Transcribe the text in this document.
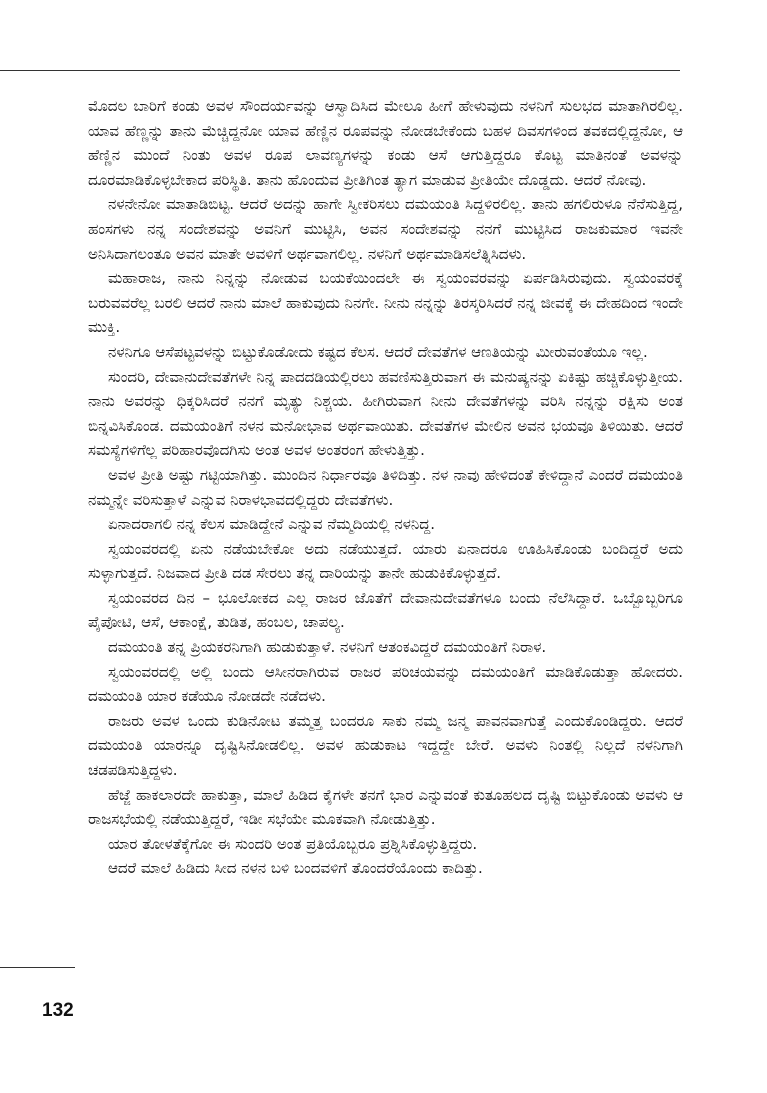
ಮೊದಲ ಬಾರಿಗೆ ಕಂಡು ಅವಳ ಸೌಂದರ್ಯವನ್ನು ಆಸ್ವಾದಿಸಿದ ಮೇಲೂ ಹೀಗೆ ಹೇಳುವುದು ನಳನಿಗೆ ಸುಲಭದ ಮಾತಾಗಿರಲಿಲ್ಲ. ಯಾವ ಹೆಣ್ಣನ್ನು ತಾನು ಮೆಚ್ಚಿದ್ದನೋ ಯಾವ ಹೆಣ್ಣಿನ ರೂಪವನ್ನು ನೋಡಬೇಕೆಂದು ಬಹಳ ದಿವಸಗಳಿಂದ ತವಕದಲ್ಲಿದ್ದನೋ, ಆ ಹೆಣ್ಣಿನ ಮುಂದೆ ನಿಂತು ಅವಳ ರೂಪ ಲಾವಣ್ಯಗಳನ್ನು ಕಂಡು ಆಸೆ ಆಗುತ್ತಿದ್ದರೂ ಕೊಟ್ಟ ಮಾತಿನಂತೆ ಅವಳನ್ನು ದೂರಮಾಡಿಕೊಳ್ಳಬೇಕಾದ ಪರಿಸ್ಥಿತಿ. ತಾನು ಹೊಂದುವ ಪ್ರೀತಿಗಿಂತ ತ್ಯಾಗ ಮಾಡುವ ಪ್ರೀತಿಯೇ ದೊಡ್ಡದು. ಆದರೆ ನೋವು.

ನಳನೇನೋ ಮಾತಾಡಿಬಿಟ್ಟ. ಆದರೆ ಅದನ್ನು ಹಾಗೇ ಸ್ವೀಕರಿಸಲು ದಮಯಂತಿ ಸಿದ್ದಳಿರಲಿಲ್ಲ. ತಾನು ಹಗಲಿರುಳೂ ನೆನೆಸುತ್ತಿದ್ದ, ಹಂಸಗಳು ನನ್ನ ಸಂದೇಶವನ್ನು ಅವನಿಗೆ ಮುಟ್ಟಿಸಿ, ಅವನ ಸಂದೇಶವನ್ನು ನನಗೆ ಮುಟ್ಟಿಸಿದ ರಾಜಕುಮಾರ ಇವನೇ ಅನಿಸಿದಾಗಲಂತೂ ಅವನ ಮಾತೇ ಅವಳಿಗೆ ಅರ್ಥವಾಗಲಿಲ್ಲ. ನಳನಿಗೆ ಅರ್ಥಮಾಡಿಸಲೆತ್ನಿಸಿದಳು.

ಮಹಾರಾಜ, ನಾನು ನಿನ್ನನ್ನು ನೋಡುವ ಬಯಕೆಯಿಂದಲೇ ಈ ಸ್ವಯಂವರವನ್ನು ಏರ್ಪಡಿಸಿರುವುದು. ಸ್ವಯಂವರಕ್ಕೆ ಬರುವವರೆಲ್ಲ ಬರಲಿ ಆದರೆ ನಾನು ಮಾಲೆ ಹಾಕುವುದು ನಿನಗೇ. ನೀನು ನನ್ನನ್ನು ತಿರಸ್ಕರಿಸಿದರೆ ನನ್ನ ಜೀವಕ್ಕೆ ಈ ದೇಹದಿಂದ ಇಂದೇ ಮುಕ್ತಿ.

ನಳನಿಗೂ ಆಸೆಪಟ್ಟವಳನ್ನು ಬಿಟ್ಟುಕೊಡೋದು ಕಷ್ಟದ ಕೆಲಸ. ಆದರೆ ದೇವತೆಗಳ ಆಣತಿಯನ್ನು ಮೀರುವಂತೆಯೂ ಇಲ್ಲ.

ಸುಂದರಿ, ದೇವಾನುದೇವತೆಗಳೇ ನಿನ್ನ ಪಾದದಡಿಯಲ್ಲಿರಲು ಹವಣಿಸುತ್ತಿರುವಾಗ ಈ ಮನುಷ್ಯನನ್ನು ಏಕಿಷ್ಟು ಹಚ್ಚಿಕೊಳ್ಳುತ್ತೀಯ. ನಾನು ಅವರನ್ನು ಧಿಕ್ಕರಿಸಿದರೆ ನನಗೆ ಮೃತ್ಯು ನಿಶ್ಚಯ. ಹೀಗಿರುವಾಗ ನೀನು ದೇವತೆಗಳನ್ನು ವರಿಸಿ ನನ್ನನ್ನು ರಕ್ಷಿಸು ಅಂತ ಬಿನ್ನವಿಸಿಕೊಂಡ. ದಮಯಂತಿಗೆ ನಳನ ಮನೋಭಾವ ಅರ್ಥವಾಯಿತು. ದೇವತೆಗಳ ಮೇಲಿನ ಅವನ ಭಯವೂ ತಿಳಿಯಿತು. ಆದರೆ ಸಮಸ್ಯೆಗಳಿಗೆಲ್ಲ ಪರಿಹಾರವೊದಗಿಸು ಅಂತ ಅವಳ ಅಂತರಂಗ ಹೇಳುತ್ತಿತ್ತು.

ಅವಳ ಪ್ರೀತಿ ಅಷ್ಟು ಗಟ್ಟಿಯಾಗಿತ್ತು. ಮುಂದಿನ ನಿರ್ಧಾರವೂ ತಿಳಿದಿತ್ತು. ನಳ ನಾವು ಹೇಳಿದಂತೆ ಕೇಳಿದ್ದಾನೆ ಎಂದರೆ ದಮಯಂತಿ ನಮ್ಮನ್ನೇ ವರಿಸುತ್ತಾಳೆ ಎನ್ನುವ ನಿರಾಳಭಾವದಲ್ಲಿದ್ದರು ದೇವತೆಗಳು.

ಏನಾದರಾಗಲಿ ನನ್ನ ಕೆಲಸ ಮಾಡಿದ್ದೇನೆ ಎನ್ನುವ ನೆಮ್ಮದಿಯಲ್ಲಿ ನಳನಿದ್ದ.

ಸ್ವಯಂವರದಲ್ಲಿ ಏನು ನಡೆಯಬೇಕೋ ಅದು ನಡೆಯುತ್ತದೆ. ಯಾರು ಏನಾದರೂ ಊಹಿಸಿಕೊಂಡು ಬಂದಿದ್ದರೆ ಅದು ಸುಳ್ಳಾಗುತ್ತದೆ. ನಿಜವಾದ ಪ್ರೀತಿ ದಡ ಸೇರಲು ತನ್ನ ದಾರಿಯನ್ನು ತಾನೇ ಹುಡುಕಿಕೊಳ್ಳುತ್ತದೆ.

ಸ್ವಯಂವರದ ದಿನ – ಭೂಲೋಕದ ಎಲ್ಲ ರಾಜರ ಜೊತೆಗೆ ದೇವಾನುದೇವತೆಗಳೂ ಬಂದು ನೆಲೆಸಿದ್ದಾರೆ. ಒಬ್ಬೊಬ್ಬರಿಗೂ ಪೈಪೋಟಿ, ಆಸೆ, ಆಕಾಂಕ್ಷೆ, ತುಡಿತ, ಹಂಬಲ, ಚಾಪಲ್ಯ.

ದಮಯಂತಿ ತನ್ನ ಪ್ರಿಯಕರನಿಗಾಗಿ ಹುಡುಕುತ್ತಾಳೆ. ನಳನಿಗೆ ಆತಂಕವಿದ್ದರೆ ದಮಯಂತಿಗೆ ನಿರಾಳ.

ಸ್ವಯಂವರದಲ್ಲಿ ಅಲ್ಲಿ ಬಂದು ಆಸೀನರಾಗಿರುವ ರಾಜರ ಪರಿಚಯವನ್ನು ದಮಯಂತಿಗೆ ಮಾಡಿಕೊಡುತ್ತಾ ಹೋದರು. ದಮಯಂತಿ ಯಾರ ಕಡೆಯೂ ನೋಡದೇ ನಡೆದಳು.

ರಾಜರು ಅವಳ ಒಂದು ಕುಡಿನೋಟ ತಮ್ಮತ್ತ ಬಂದರೂ ಸಾಕು ನಮ್ಮ ಜನ್ಮ ಪಾವನವಾಗುತ್ತೆ ಎಂದುಕೊಂಡಿದ್ದರು. ಆದರೆ ದಮಯಂತಿ ಯಾರನ್ನೂ ದೃಷ್ಟಿಸಿನೋಡಲಿಲ್ಲ. ಅವಳ ಹುಡುಕಾಟ ಇದ್ದದ್ದೇ ಬೇರೆ. ಅವಳು ನಿಂತಲ್ಲಿ ನಿಲ್ಲದೆ ನಳನಿಗಾಗಿ ಚಡಪಡಿಸುತ್ತಿದ್ದಳು.

ಹೆಜ್ಜೆ ಹಾಕಲಾರದೇ ಹಾಕುತ್ತಾ, ಮಾಲೆ ಹಿಡಿದ ಕೈಗಳೇ ತನಗೆ ಭಾರ ಎನ್ನುವಂತೆ ಕುತೂಹಲದ ದೃಷ್ಟಿ ಬಿಟ್ಟುಕೊಂಡು ಅವಳು ಆ ರಾಜಸಭೆಯಲ್ಲಿ ನಡೆಯುತ್ತಿದ್ದರೆ, ಇಡೀ ಸಭೆಯೇ ಮೂಕವಾಗಿ ನೋಡುತ್ತಿತ್ತು.

ಯಾರ ತೋಳತೆಕ್ಕೆಗೋ ಈ ಸುಂದರಿ ಅಂತ ಪ್ರತಿಯೊಬ್ಬರೂ ಪ್ರಶ್ನಿಸಿಕೊಳ್ಳುತ್ತಿದ್ದರು.

ಆದರೆ ಮಾಲೆ ಹಿಡಿದು ಸೀದ ನಳನ ಬಳಿ ಬಂದವಳಿಗೆ ತೊಂದರೆಯೊಂದು ಕಾದಿತ್ತು.

132
